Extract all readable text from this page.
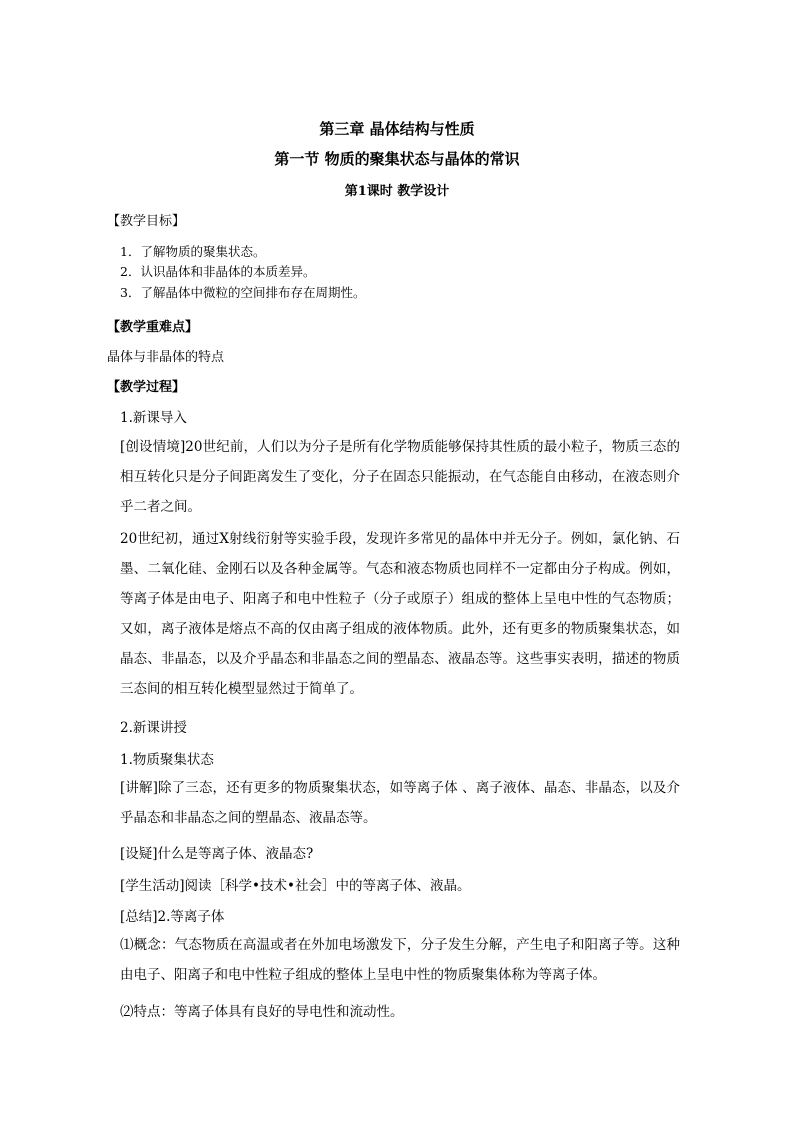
第三章 晶体结构与性质
第一节 物质的聚集状态与晶体的常识
第1课时 教学设计
【教学目标】
1．了解物质的聚集状态。
2．认识晶体和非晶体的本质差异。
3．了解晶体中微粒的空间排布存在周期性。
【教学重难点】
晶体与非晶体的特点
【教学过程】
1.新课导入

[创设情境]20世纪前，人们以为分子是所有化学物质能够保持其性质的最小粒子，物质三态的相互转化只是分子间距离发生了变化，分子在固态只能振动，在气态能自由移动，在液态则介乎二者之间。

20世纪初，通过X射线衍射等实验手段，发现许多常见的晶体中并无分子。例如，氯化钠、石墨、二氧化硅、金刚石以及各种金属等。气态和液态物质也同样不一定都由分子构成。例如，等离子体是由电子、阳离子和电中性粒子（分子或原子）组成的整体上呈电中性的气态物质；又如，离子液体是熔点不高的仅由离子组成的液体物质。此外，还有更多的物质聚集状态，如晶态、非晶态，以及介乎晶态和非晶态之间的塑晶态、液晶态等。这些事实表明，描述的物质三态间的相互转化模型显然过于简单了。

2.新课讲授
1.物质聚集状态

[讲解]除了三态，还有更多的物质聚集状态，如等离子体 、离子液体、晶态、非晶态，以及介乎晶态和非晶态之间的塑晶态、液晶态等。

[设疑]什么是等离子体、液晶态?
[学生活动]阅读［科学•技术•社会］中的等离子体、液晶。
[总结]2.等离子体

⑴概念：气态物质在高温或者在外加电场激发下，分子发生分解，产生电子和阳离子等。这种由电子、阳离子和电中性粒子组成的整体上呈电中性的物质聚集体称为等离子体。

⑵特点：等离子体具有良好的导电性和流动性。
